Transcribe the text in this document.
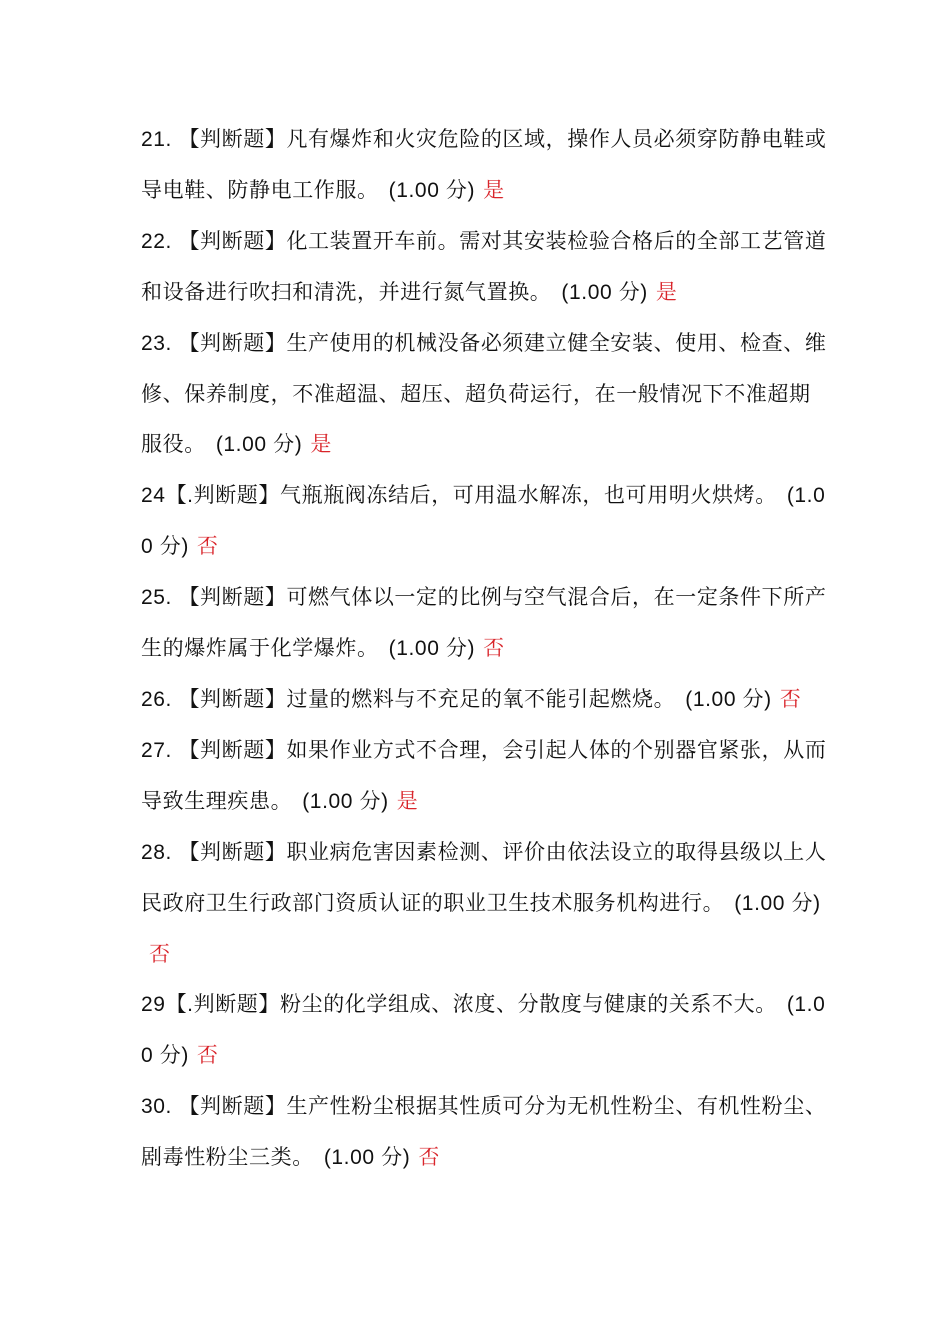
21. 【判断题】凡有爆炸和火灾危险的区域，操作人员必须穿防静电鞋或导电鞋、防静电工作服。 (1.00 分) 是

22. 【判断题】化工装置开车前。需对其安装检验合格后的全部工艺管道和设备进行吹扫和清洗，并进行氮气置换。 (1.00 分) 是

23. 【判断题】生产使用的机械没备必须建立健全安装、使用、检查、维修、保养制度，不准超温、超压、超负荷运行，在一般情况下不准超期服役。 (1.00 分) 是

24【.判断题】气瓶瓶阀冻结后，可用温水解冻，也可用明火烘烤。 (1.00 分) 否

25. 【判断题】可燃气体以一定的比例与空气混合后，在一定条件下所产生的爆炸属于化学爆炸。 (1.00 分) 否

26. 【判断题】过量的燃料与不充足的氧不能引起燃烧。 (1.00 分) 否

27. 【判断题】如果作业方式不合理，会引起人体的个别器官紧张，从而导致生理疾患。 (1.00 分) 是

28. 【判断题】职业病危害因素检测、评价由依法设立的取得县级以上人民政府卫生行政部门资质认证的职业卫生技术服务机构进行。 (1.00 分)否

29【.判断题】粉尘的化学组成、浓度、分散度与健康的关系不大。 (1.00 分) 否

30. 【判断题】生产性粉尘根据其性质可分为无机性粉尘、有机性粉尘、剧毒性粉尘三类。 (1.00 分) 否
